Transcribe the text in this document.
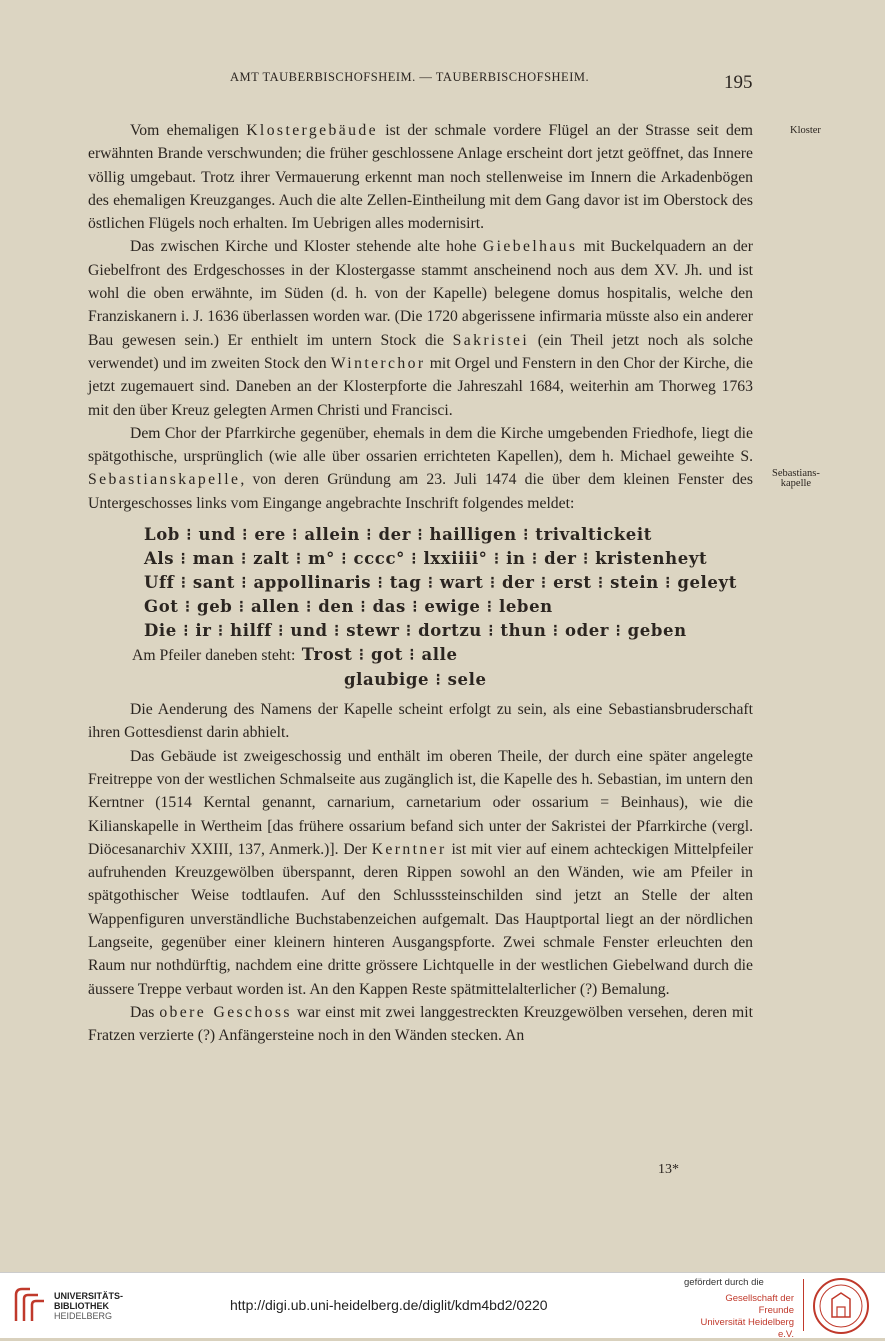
AMT TAUBERBISCHOFSHEIM. — TAUBERBISCHOFSHEIM.	195
Kloster
Sebastians-
kapelle

Vom ehemaligen Klostergebäude ist der schmale vordere Flügel an der Strasse seit dem erwähnten Brande verschwunden; die früher geschlossene Anlage erscheint dort jetzt geöffnet, das Innere völlig umgebaut. Trotz ihrer Vermauerung erkennt man noch stellenweise im Innern die Arkadenbögen des ehemaligen Kreuzganges. Auch die alte Zellen-Eintheilung mit dem Gang davor ist im Oberstock des östlichen Flügels noch erhalten. Im Uebrigen alles modernisirt.

Das zwischen Kirche und Kloster stehende alte hohe Giebelhaus mit Buckelquadern an der Giebelfront des Erdgeschosses in der Klostergasse stammt anscheinend noch aus dem XV. Jh. und ist wohl die oben erwähnte, im Süden (d. h. von der Kapelle) belegene domus hospitalis, welche den Franziskanern i. J. 1636 überlassen worden war. (Die 1720 abgerissene infirmaria müsste also ein anderer Bau gewesen sein.) Er enthielt im untern Stock die Sakristei (ein Theil jetzt noch als solche verwendet) und im zweiten Stock den Winterchor mit Orgel und Fenstern in den Chor der Kirche, die jetzt zugemauert sind. Daneben an der Klosterpforte die Jahreszahl 1684, weiterhin am Thorweg 1763 mit den über Kreuz gelegten Armen Christi und Francisci.

Dem Chor der Pfarrkirche gegenüber, ehemals in dem die Kirche umgebenden Friedhofe, liegt die spätgothische, ursprünglich (wie alle über ossarien errichteten Kapellen), dem h. Michael geweihte S. Sebastianskapelle, von deren Gründung am 23. Juli 1474 die über dem kleinen Fenster des Untergeschosses links vom Eingange angebrachte Inschrift folgendes meldet:

Lob ⁝ und ⁝ ere ⁝ allein ⁝ der ⁝ hailligen ⁝ trivaltickeit
Als ⁝ man ⁝ zalt ⁝ m° ⁝ cccc° ⁝ lxxiiii° ⁝ in ⁝ der ⁝ kristenheyt
Uff ⁝ sant ⁝ appollinaris ⁝ tag ⁝ wart ⁝ der ⁝ erst ⁝ stein ⁝ geleyt
Got ⁝ geb ⁝ allen ⁝ den ⁝ das ⁝ ewige ⁝ leben
Die ⁝ ir ⁝ hilff ⁝ und ⁝ stewr ⁝ dortzu ⁝ thun ⁝ oder ⁝ geben
Am Pfeiler daneben steht: Trost ⁝ got ⁝ alle
glaubige ⁝ sele

Die Aenderung des Namens der Kapelle scheint erfolgt zu sein, als eine Sebastiansbruderschaft ihren Gottesdienst darin abhielt.

Das Gebäude ist zweigeschossig und enthält im oberen Theile, der durch eine später angelegte Freitreppe von der westlichen Schmalseite aus zugänglich ist, die Kapelle des h. Sebastian, im untern den Kerntner (1514 Kerntal genannt, carnarium, carnetarium oder ossarium = Beinhaus), wie die Kilianskapelle in Wertheim [das frühere ossarium befand sich unter der Sakristei der Pfarrkirche (vergl. Diöcesanarchiv XXIII, 137, Anmerk.)]. Der Kerntner ist mit vier auf einem achteckigen Mittelpfeiler aufruhenden Kreuzgewölben überspannt, deren Rippen sowohl an den Wänden, wie am Pfeiler in spätgothischer Weise todtlaufen. Auf den Schlusssteinschilden sind jetzt an Stelle der alten Wappenfiguren unverständliche Buchstabenzeichen aufgemalt. Das Hauptportal liegt an der nördlichen Langseite, gegenüber einer kleinern hinteren Ausgangspforte. Zwei schmale Fenster erleuchten den Raum nur nothdürftig, nachdem eine dritte grössere Lichtquelle in der westlichen Giebelwand durch die äussere Treppe verbaut worden ist. An den Kappen Reste spätmittelalterlicher (?) Bemalung.

Das obere Geschoss war einst mit zwei langgestreckten Kreuzgewölben versehen, deren mit Fratzen verzierte (?) Anfängersteine noch in den Wänden stecken. An

13*
UNIVERSITÄTS-
BIBLIOTHEK
HEIDELBERG
http://digi.ub.uni-heidelberg.de/diglit/kdm4bd2/0220
gefördert durch die
Gesellschaft der Freunde
Universität Heidelberg e.V.
